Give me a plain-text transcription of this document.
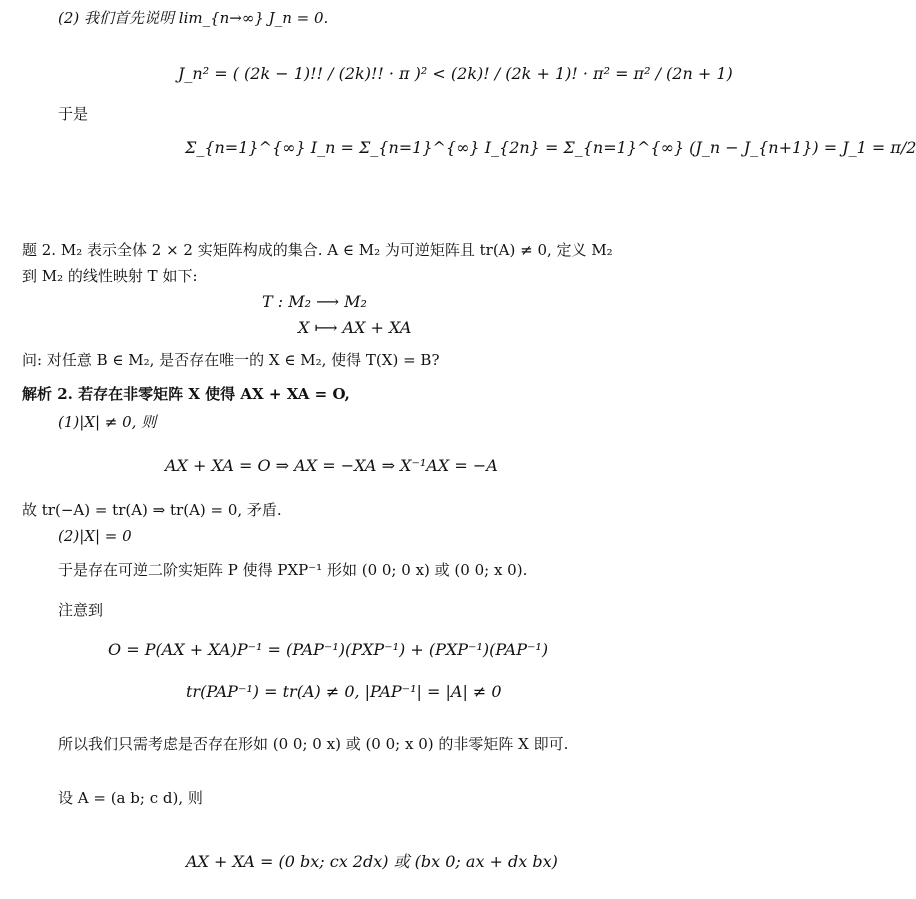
(2) 我们首先说明 lim_{n→∞} J_n = 0.
J_n² = ( (2k − 1)!! / (2k)!! · π )² < (2k)! / (2k + 1)! · π² = π² / (2n + 1)
于是
Σ_{n=1}^{∞} I_n = Σ_{n=1}^{∞} I_{2n} = Σ_{n=1}^{∞} (J_n − J_{n+1}) = J_1 = π/2
题 2. M₂ 表示全体 2 × 2 实矩阵构成的集合. A ∈ M₂ 为可逆矩阵且 tr(A) ≠ 0, 定义 M₂
到 M₂ 的线性映射 T 如下:
T : M₂ ⟶ M₂
X ⟼ AX + XA
问: 对任意 B ∈ M₂, 是否存在唯一的 X ∈ M₂, 使得 T(X) = B?
解析 2. 若存在非零矩阵 X 使得 AX + XA = O,
(1)|X| ≠ 0, 则
AX + XA = O ⇒ AX = −XA ⇒ X⁻¹AX = −A
故 tr(−A) = tr(A) ⇒ tr(A) = 0, 矛盾.
(2)|X| = 0
于是存在可逆二阶实矩阵 P 使得 PXP⁻¹ 形如 (0 0; 0 x) 或 (0 0; x 0).
注意到
O = P(AX + XA)P⁻¹ = (PAP⁻¹)(PXP⁻¹) + (PXP⁻¹)(PAP⁻¹)
tr(PAP⁻¹) = tr(A) ≠ 0, |PAP⁻¹| = |A| ≠ 0
所以我们只需考虑是否存在形如 (0 0; 0 x) 或 (0 0; x 0) 的非零矩阵 X 即可.
设 A = (a b; c d), 则
AX + XA = (0 bx; cx 2dx) 或 (bx 0; ax + dx bx)
